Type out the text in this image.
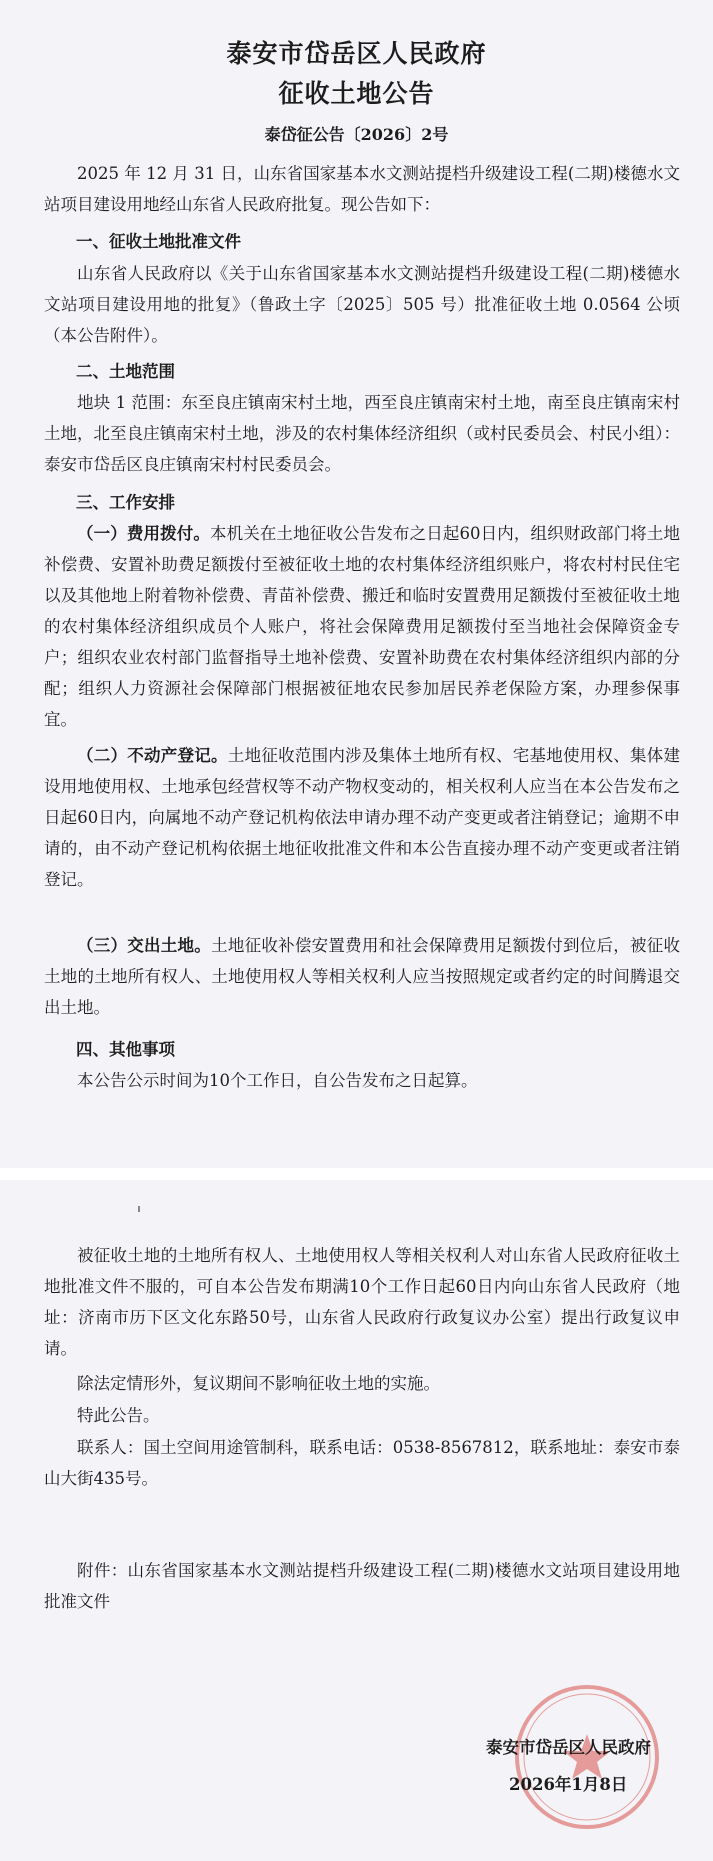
泰安市岱岳区人民政府
征收土地公告
泰岱征公告〔2026〕2号

2025 年 12 月 31 日，山东省国家基本水文测站提档升级建设工程(二期)楼德水文站项目建设用地经山东省人民政府批复。现公告如下：

一、征收土地批准文件

山东省人民政府以《关于山东省国家基本水文测站提档升级建设工程(二期)楼德水文站项目建设用地的批复》（鲁政土字〔2025〕505 号）批准征收土地 0.0564 公顷（本公告附件）。

二、土地范围

地块 1 范围：东至良庄镇南宋村土地，西至良庄镇南宋村土地，南至良庄镇南宋村土地，北至良庄镇南宋村土地，涉及的农村集体经济组织（或村民委员会、村民小组）：泰安市岱岳区良庄镇南宋村村民委员会。

三、工作安排

（一）费用拨付。本机关在土地征收公告发布之日起60日内，组织财政部门将土地补偿费、安置补助费足额拨付至被征收土地的农村集体经济组织账户，将农村村民住宅以及其他地上附着物补偿费、青苗补偿费、搬迁和临时安置费用足额拨付至被征收土地的农村集体经济组织成员个人账户，将社会保障费用足额拨付至当地社会保障资金专户；组织农业农村部门监督指导土地补偿费、安置补助费在农村集体经济组织内部的分配；组织人力资源社会保障部门根据被征地农民参加居民养老保险方案，办理参保事宜。

（二）不动产登记。土地征收范围内涉及集体土地所有权、宅基地使用权、集体建设用地使用权、土地承包经营权等不动产物权变动的，相关权利人应当在本公告发布之日起60日内，向属地不动产登记机构依法申请办理不动产变更或者注销登记；逾期不申请的，由不动产登记机构依据土地征收批准文件和本公告直接办理不动产变更或者注销登记。

（三）交出土地。土地征收补偿安置费用和社会保障费用足额拨付到位后，被征收土地的土地所有权人、土地使用权人等相关权利人应当按照规定或者约定的时间腾退交出土地。

四、其他事项

本公告公示时间为10个工作日，自公告发布之日起算。

被征收土地的土地所有权人、土地使用权人等相关权利人对山东省人民政府征收土地批准文件不服的，可自本公告发布期满10个工作日起60日内向山东省人民政府（地址：济南市历下区文化东路50号，山东省人民政府行政复议办公室）提出行政复议申请。

除法定情形外，复议期间不影响征收土地的实施。

特此公告。

联系人：国土空间用途管制科，联系电话：0538-8567812，联系地址：泰安市泰山大街435号。

附件：山东省国家基本水文测站提档升级建设工程(二期)楼德水文站项目建设用地批准文件

泰安市岱岳区人民政府
2026年1月8日
